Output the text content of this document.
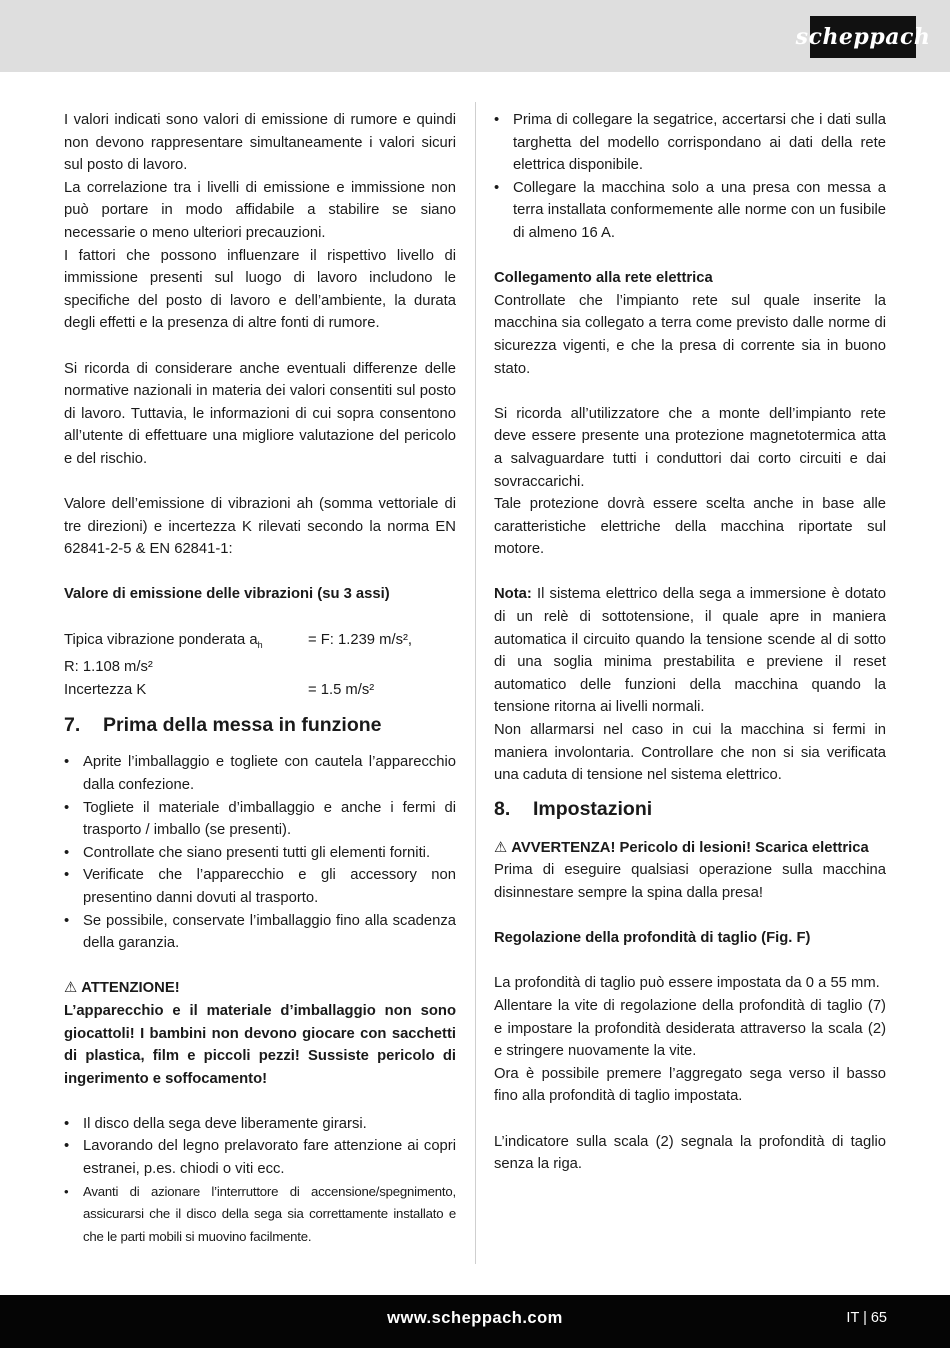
scheppach

I valori indicati sono valori di emissione di rumore e quindi non devono rappresentare simultaneamente i valori sicuri sul posto di lavoro.

La correlazione tra i livelli di emissione e immissione non può portare in modo affidabile a stabilire se siano necessarie o meno ulteriori precauzioni.

I fattori che possono influenzare il rispettivo livello di immissione presenti sul luogo di lavoro includono le specifiche del posto di lavoro e dell’ambiente, la durata degli effetti e la presenza di altre fonti di rumore.

Si ricorda di considerare anche eventuali differenze delle normative nazionali in materia dei valori consentiti sul posto di lavoro. Tuttavia, le informazioni di cui sopra consentono all’utente di effettuare una migliore valutazione del pericolo e del rischio.

Valore dell’emissione di vibrazioni ah (somma vettoriale di tre direzioni) e incertezza K rilevati secondo la norma EN 62841-2-5 & EN 62841-1:

Valore di emissione delle vibrazioni (su 3 assi)

Tipica vibrazione ponderata $a_h$	= F: 1.239 m/s²,

R: 1.108 m/s²

Incertezza K	= 1.5 m/s²
7.	Prima della messa in funzione
• Aprite l’imballaggio e togliete con cautela l’apparecchio dalla confezione.
• Togliete il materiale d’imballaggio e anche i fermi di trasporto / imballo (se presenti).
• Controllate che siano presenti tutti gli elementi forniti.
• Verificate che l’apparecchio e gli accessory non presentino danni dovuti al trasporto.
• Se possibile, conservate l’imballaggio fino alla scadenza della garanzia.

⚠ ATTENZIONE!

L’apparecchio e il materiale d’imballaggio non sono giocattoli! I bambini non devono giocare con sacchetti di plastica, film e piccoli pezzi! Sussiste pericolo di ingerimento e soffocamento!

• Il disco della sega deve liberamente girarsi.
• Lavorando del legno prelavorato fare attenzione ai copri estranei, p.es. chiodi o viti ecc.
• Avanti di azionare l’interruttore di accensione/spegnimento, assicurarsi che il disco della sega sia correttamente installato e che le parti mobili si muovino facilmente.
• Prima di collegare la segatrice, accertarsi che i dati sulla targhetta del modello corrispondano ai dati della rete elettrica disponibile.
• Collegare la macchina solo a una presa con messa a terra installata conformemente alle norme con un fusibile di almeno 16 A.

Collegamento alla rete elettrica

Controllate che l’impianto rete sul quale inserite la macchina sia collegato a terra come previsto dalle norme di sicurezza vigenti, e che la presa di corrente sia in buono stato.

Si ricorda all’utilizzatore che a monte dell’impianto rete deve essere presente una protezione magnetotermica atta a salvaguardare tutti i conduttori dai corto circuiti e dai sovraccarichi.

Tale protezione dovrà essere scelta anche in base alle caratteristiche elettriche della macchina riportate sul motore.

Nota: Il sistema elettrico della sega a immersione è dotato di un relè di sottotensione, il quale apre in maniera automatica il circuito quando la tensione scende al di sotto di una soglia minima prestabilita e previene il reset automatico delle funzioni della macchina quando la tensione ritorna ai livelli normali.

Non allarmarsi nel caso in cui la macchina si fermi in maniera involontaria. Controllare che non si sia verificata una caduta di tensione nel sistema elettrico.

8.	Impostazioni

⚠ AVVERTENZA! Pericolo di lesioni! Scarica elettrica

Prima di eseguire qualsiasi operazione sulla macchina disinnestare sempre la spina dalla presa!

Regolazione della profondità di taglio (Fig. F)

La profondità di taglio può essere impostata da 0 a 55 mm.

Allentare la vite di regolazione della profondità di taglio (7) e impostare la profondità desiderata attraverso la scala (2) e stringere nuovamente la vite.

Ora è possibile premere l’aggregato sega verso il basso fino alla profondità di taglio impostata.

L’indicatore sulla scala (2) segnala la profondità di taglio senza la riga.

www.scheppach.com	IT | 65
